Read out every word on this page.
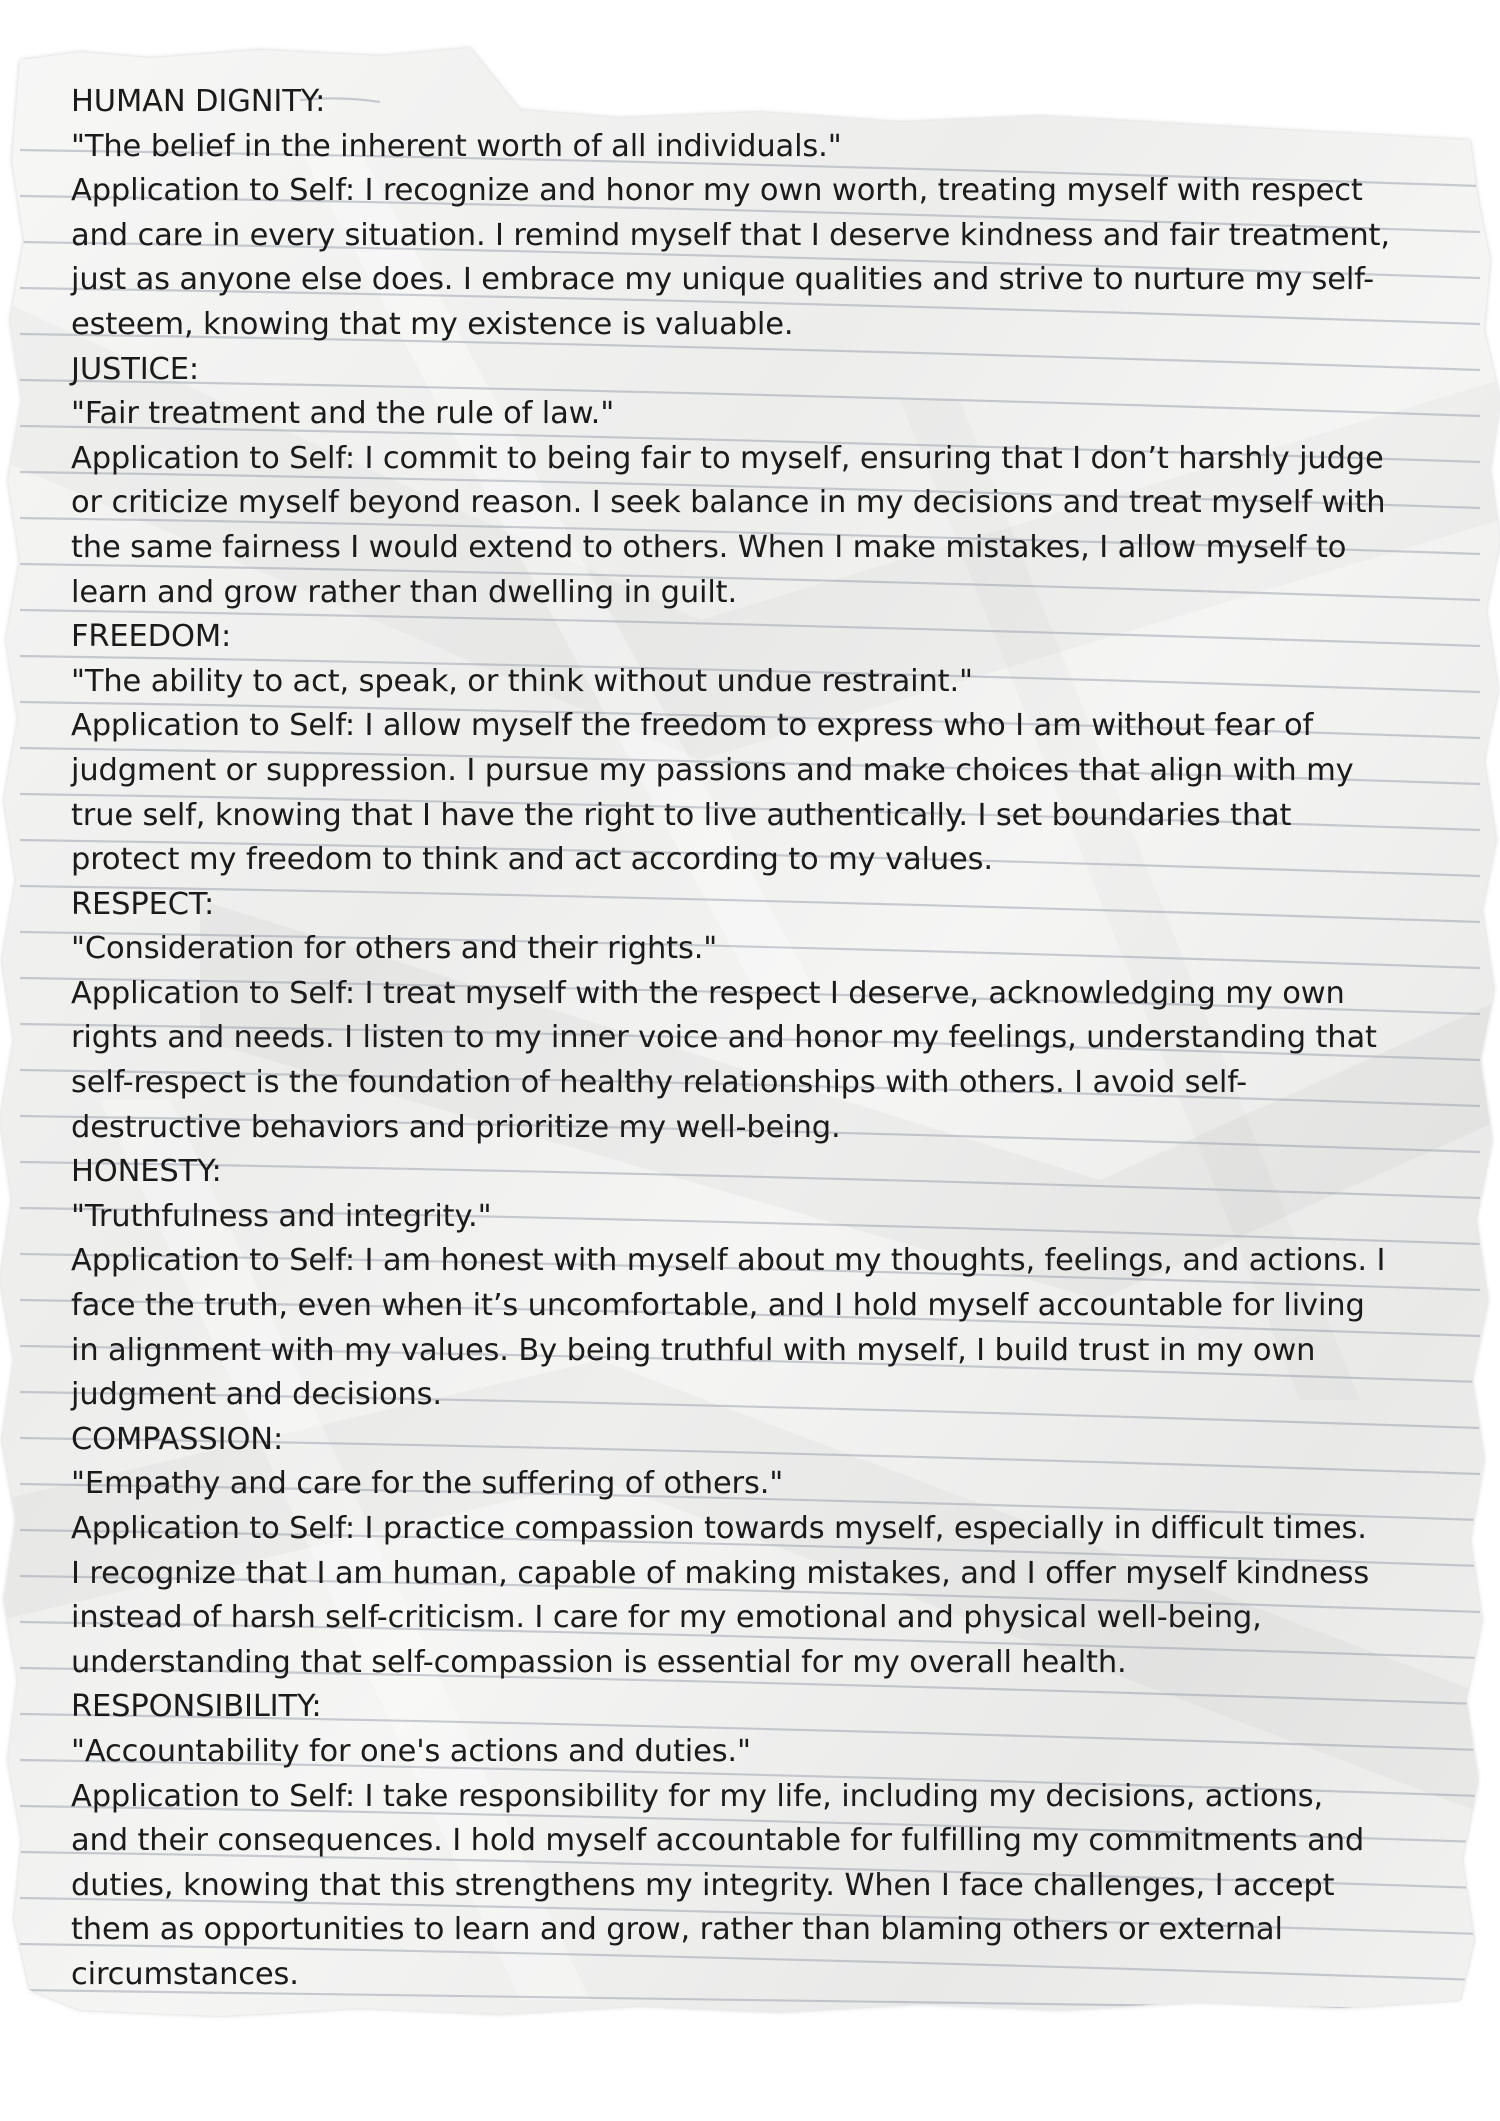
HUMAN DIGNITY:

"The belief in the inherent worth of all individuals."

Application to Self: I recognize and honor my own worth, treating myself with respect

and care in every situation. I remind myself that I deserve kindness and fair treatment,

just as anyone else does. I embrace my unique qualities and strive to nurture my self-

esteem, knowing that my existence is valuable.

JUSTICE:

"Fair treatment and the rule of law."

Application to Self: I commit to being fair to myself, ensuring that I don’t harshly judge

or criticize myself beyond reason. I seek balance in my decisions and treat myself with

the same fairness I would extend to others. When I make mistakes, I allow myself to

learn and grow rather than dwelling in guilt.

FREEDOM:

"The ability to act, speak, or think without undue restraint."

Application to Self: I allow myself the freedom to express who I am without fear of

judgment or suppression. I pursue my passions and make choices that align with my

true self, knowing that I have the right to live authentically. I set boundaries that

protect my freedom to think and act according to my values.

RESPECT:

"Consideration for others and their rights."

Application to Self: I treat myself with the respect I deserve, acknowledging my own

rights and needs. I listen to my inner voice and honor my feelings, understanding that

self-respect is the foundation of healthy relationships with others. I avoid self-

destructive behaviors and prioritize my well-being.

HONESTY:

"Truthfulness and integrity."

Application to Self: I am honest with myself about my thoughts, feelings, and actions. I

face the truth, even when it’s uncomfortable, and I hold myself accountable for living

in alignment with my values. By being truthful with myself, I build trust in my own

judgment and decisions.

COMPASSION:

"Empathy and care for the suffering of others."

Application to Self: I practice compassion towards myself, especially in difficult times.

I recognize that I am human, capable of making mistakes, and I offer myself kindness

instead of harsh self-criticism. I care for my emotional and physical well-being,

understanding that self-compassion is essential for my overall health.

RESPONSIBILITY:

"Accountability for one's actions and duties."

Application to Self: I take responsibility for my life, including my decisions, actions,

and their consequences. I hold myself accountable for fulfilling my commitments and

duties, knowing that this strengthens my integrity. When I face challenges, I accept

them as opportunities to learn and grow, rather than blaming others or external

circumstances.
